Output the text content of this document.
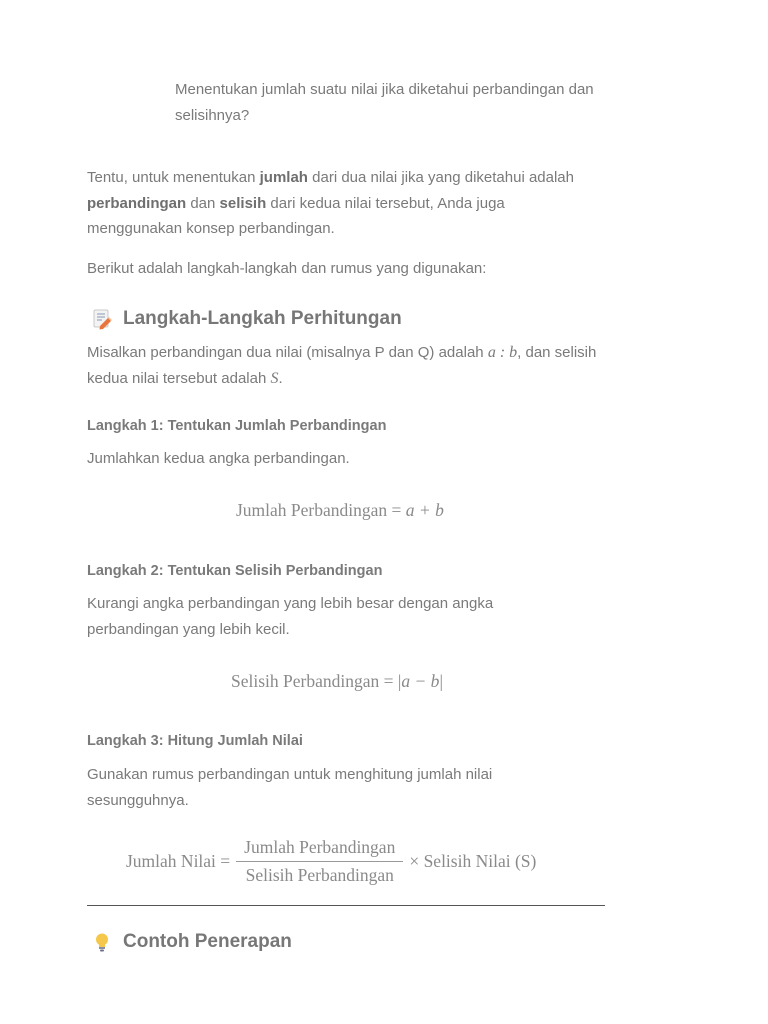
Menentukan jumlah suatu nilai jika diketahui perbandingan dan selisihnya?

Tentu, untuk menentukan jumlah dari dua nilai jika yang diketahui adalah perbandingan dan selisih dari kedua nilai tersebut, Anda juga menggunakan konsep perbandingan.

Berikut adalah langkah-langkah dan rumus yang digunakan:

Langkah-Langkah Perhitungan

Misalkan perbandingan dua nilai (misalnya P dan Q) adalah a : b, dan selisih kedua nilai tersebut adalah S.

Langkah 1: Tentukan Jumlah Perbandingan

Jumlahkan kedua angka perbandingan.

Jumlah Perbandingan = a + b
Langkah 2: Tentukan Selisih Perbandingan

Kurangi angka perbandingan yang lebih besar dengan angka perbandingan yang lebih kecil.

Selisih Perbandingan = |a − b|
Langkah 3: Hitung Jumlah Nilai

Gunakan rumus perbandingan untuk menghitung jumlah nilai sesungguhnya.

Jumlah Nilai = $\frac{\text{Jumlah Perbandingan}}{\text{Selisih Perbandingan}}$ × Selisih Nilai (S)
Contoh Penerapan
